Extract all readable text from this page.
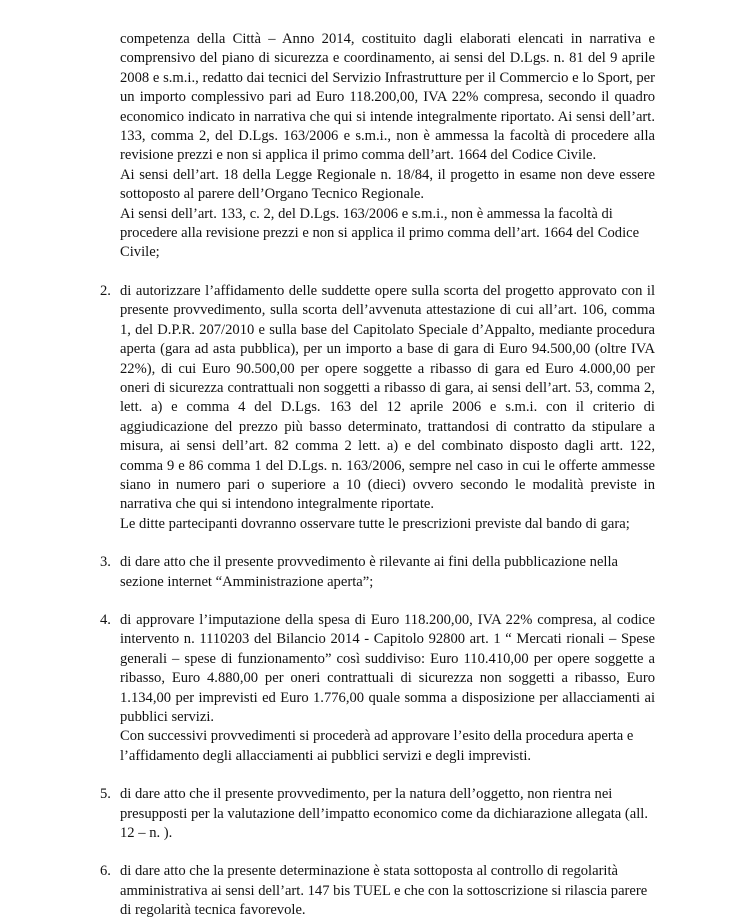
competenza della Città – Anno 2014, costituito dagli elaborati elencati in narrativa e comprensivo del piano di sicurezza e coordinamento, ai sensi del D.Lgs. n. 81 del 9 aprile 2008 e s.m.i., redatto dai tecnici del Servizio Infrastrutture per il Commercio e lo Sport, per un importo complessivo pari ad Euro 118.200,00, IVA 22% compresa, secondo il quadro economico indicato in narrativa che qui si intende integralmente riportato. Ai sensi dell’art. 133, comma 2, del D.Lgs. 163/2006 e s.m.i., non è ammessa la facoltà di procedere alla revisione prezzi e non si applica il primo comma dell’art. 1664 del Codice Civile.

Ai sensi dell’art. 18 della Legge Regionale n. 18/84, il progetto in esame non deve essere sottoposto al parere dell’Organo Tecnico Regionale.

Ai sensi dell’art. 133, c. 2, del D.Lgs. 163/2006 e s.m.i., non è ammessa la facoltà di procedere alla revisione prezzi e non si applica il primo comma dell’art. 1664 del Codice Civile;

2. di autorizzare l’affidamento delle suddette opere sulla scorta del progetto approvato con il presente provvedimento, sulla scorta dell’avvenuta attestazione di cui all’art. 106, comma 1, del D.P.R. 207/2010 e sulla base del Capitolato Speciale d’Appalto, mediante procedura aperta (gara ad asta pubblica), per un importo a base di gara di Euro 94.500,00 (oltre IVA 22%), di cui Euro 90.500,00 per opere soggette a ribasso di gara ed Euro 4.000,00 per oneri di sicurezza contrattuali non soggetti a ribasso di gara, ai sensi dell’art. 53, comma 2, lett. a) e comma 4 del D.Lgs. 163 del 12 aprile 2006 e s.m.i. con il criterio di aggiudicazione del prezzo più basso determinato, trattandosi di contratto da stipulare a misura, ai sensi dell’art. 82 comma 2 lett. a) e del combinato disposto dagli artt. 122, comma 9 e 86 comma 1 del D.Lgs. n. 163/2006, sempre nel caso in cui le offerte ammesse siano in numero pari o superiore a 10 (dieci) ovvero secondo le modalità previste in narrativa che qui si intendono integralmente riportate.

Le ditte partecipanti dovranno osservare tutte le prescrizioni previste dal bando di gara;

3. di dare atto che il presente provvedimento è rilevante ai fini della pubblicazione nella sezione internet “Amministrazione aperta”;

4. di approvare l’imputazione della spesa di Euro 118.200,00, IVA 22% compresa, al codice intervento n. 1110203 del Bilancio 2014 - Capitolo 92800 art. 1 “ Mercati rionali – Spese generali – spese di funzionamento” così suddiviso: Euro 110.410,00 per opere soggette a ribasso, Euro 4.880,00 per oneri contrattuali di sicurezza non soggetti a ribasso, Euro 1.134,00 per imprevisti ed Euro 1.776,00 quale somma a disposizione per allacciamenti ai pubblici servizi.

Con successivi provvedimenti si procederà ad approvare l’esito della procedura aperta e l’affidamento degli allacciamenti ai pubblici servizi e degli imprevisti.

5. di dare atto che il presente provvedimento, per la natura dell’oggetto, non rientra nei presupposti per la valutazione dell’impatto economico come da dichiarazione allegata (all. 12 – n. ).

6. di dare atto che la presente determinazione è stata sottoposta al controllo di regolarità amministrativa ai sensi dell’art. 147 bis TUEL e che con la sottoscrizione si rilascia parere di regolarità tecnica favorevole.
